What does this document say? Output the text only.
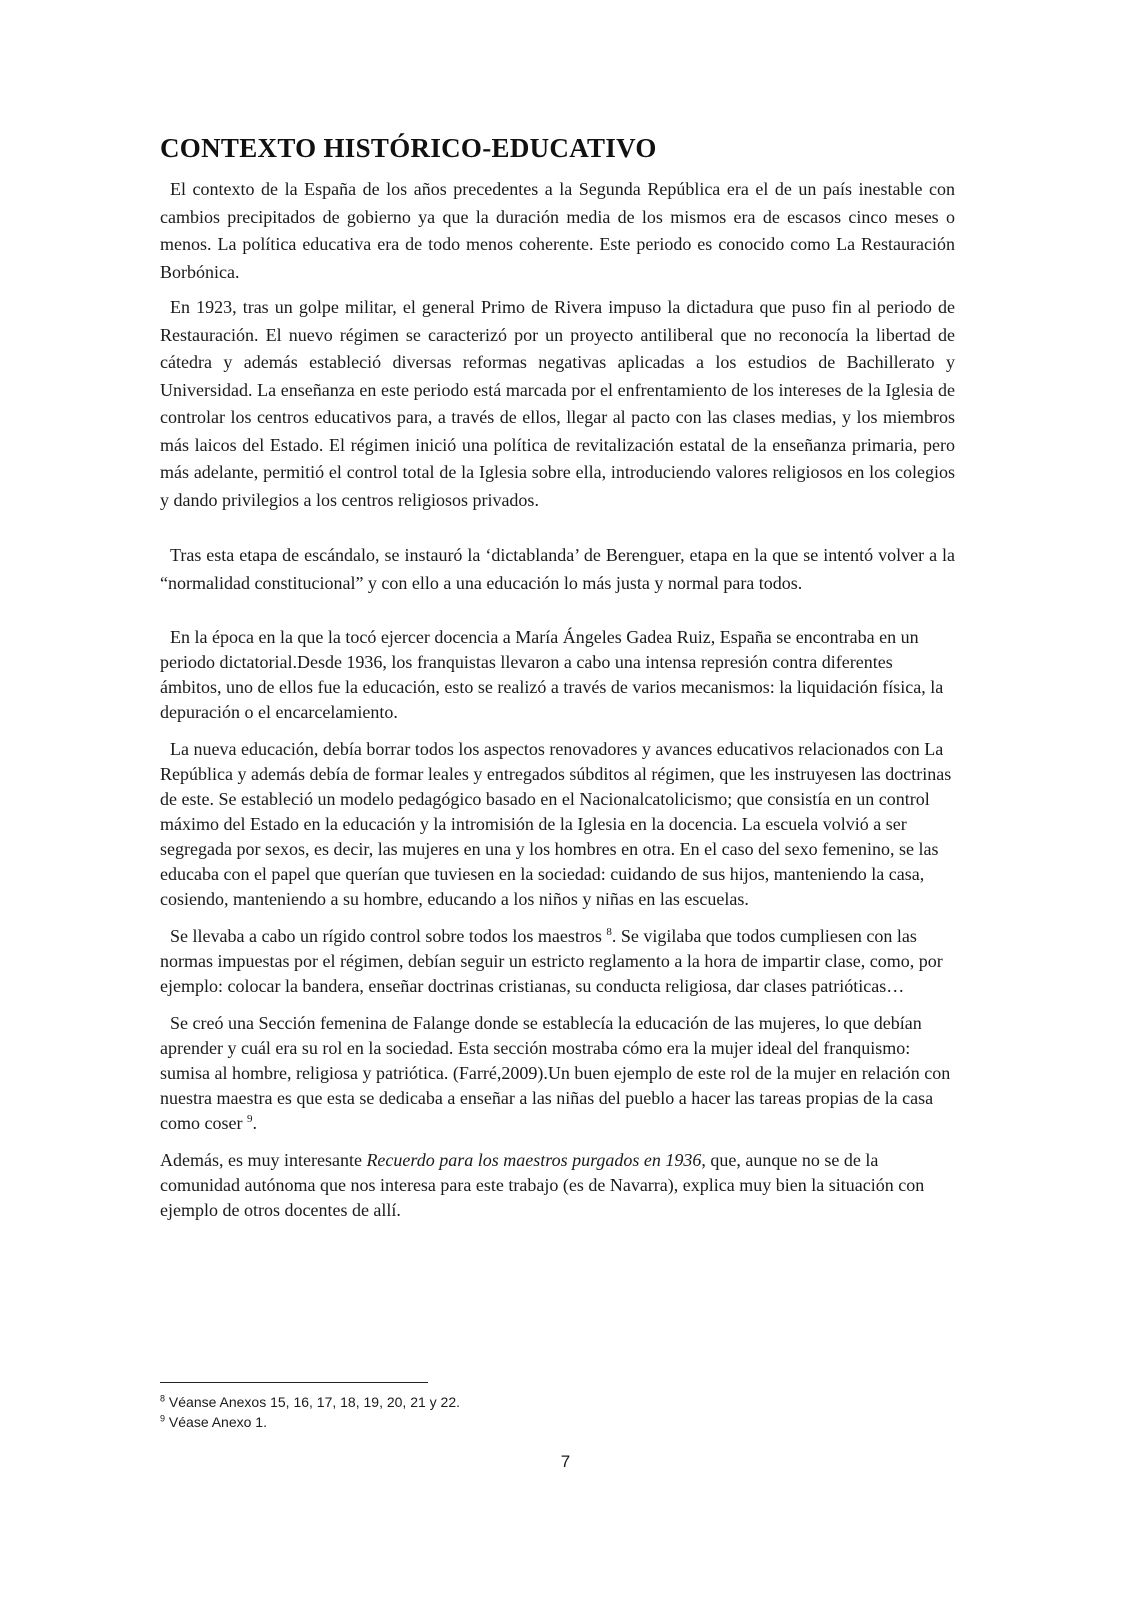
CONTEXTO HISTÓRICO-EDUCATIVO

El contexto de la España de los años precedentes a la Segunda República era el de un país inestable con cambios precipitados de gobierno ya que la duración media de los mismos era de escasos cinco meses o menos. La política educativa era de todo menos coherente. Este periodo es conocido como La Restauración Borbónica.

En 1923, tras un golpe militar, el general Primo de Rivera impuso la dictadura que puso fin al periodo de Restauración. El nuevo régimen se caracterizó por un proyecto antiliberal que no reconocía la libertad de cátedra y además estableció diversas reformas negativas aplicadas a los estudios de Bachillerato y Universidad. La enseñanza en este periodo está marcada por el enfrentamiento de los intereses de la Iglesia de controlar los centros educativos para, a través de ellos, llegar al pacto con las clases medias, y los miembros más laicos del Estado. El régimen inició una política de revitalización estatal de la enseñanza primaria, pero más adelante, permitió el control total de la Iglesia sobre ella, introduciendo valores religiosos en los colegios y dando privilegios a los centros religiosos privados.

Tras esta etapa de escándalo, se instauró la ‘dictablanda’ de Berenguer, etapa en la que se intentó volver a la “normalidad constitucional” y con ello a una educación lo más justa y normal para todos.

En la época en la que la tocó ejercer docencia a María Ángeles Gadea Ruiz, España se encontraba en un periodo dictatorial.Desde 1936, los franquistas llevaron a cabo una intensa represión contra diferentes ámbitos, uno de ellos fue la educación, esto se realizó a través de varios mecanismos: la liquidación física, la depuración o el encarcelamiento.

La nueva educación, debía borrar todos los aspectos renovadores y avances educativos relacionados con La República y además debía de formar leales y entregados súbditos al régimen, que les instruyesen las doctrinas de este. Se estableció un modelo pedagógico basado en el Nacionalcatolicismo; que consistía en un control máximo del Estado en la educación y la intromisión de la Iglesia en la docencia. La escuela volvió a ser segregada por sexos, es decir, las mujeres en una y los hombres en otra. En el caso del sexo femenino, se las educaba con el papel que querían que tuviesen en la sociedad: cuidando de sus hijos, manteniendo la casa, cosiendo, manteniendo a su hombre, educando a los niños y niñas en las escuelas.

Se llevaba a cabo un rígido control sobre todos los maestros $^8$. Se vigilaba que todos cumpliesen con las normas impuestas por el régimen, debían seguir un estricto reglamento a la hora de impartir clase, como, por ejemplo: colocar la bandera, enseñar doctrinas cristianas, su conducta religiosa, dar clases patrióticas…

Se creó una Sección femenina de Falange donde se establecía la educación de las mujeres, lo que debían aprender y cuál era su rol en la sociedad. Esta sección mostraba cómo era la mujer ideal del franquismo: sumisa al hombre, religiosa y patriótica. (Farré,2009).Un buen ejemplo de este rol de la mujer en relación con nuestra maestra es que esta se dedicaba a enseñar a las niñas del pueblo a hacer las tareas propias de la casa como coser $^9$.

Además, es muy interesante Recuerdo para los maestros purgados en 1936, que, aunque no se de la comunidad autónoma que nos interesa para este trabajo (es de Navarra), explica muy bien la situación con ejemplo de otros docentes de allí.

$^8$ Véanse Anexos 15, 16, 17, 18, 19, 20, 21 y 22.
$^9$ Véase Anexo 1.
7
